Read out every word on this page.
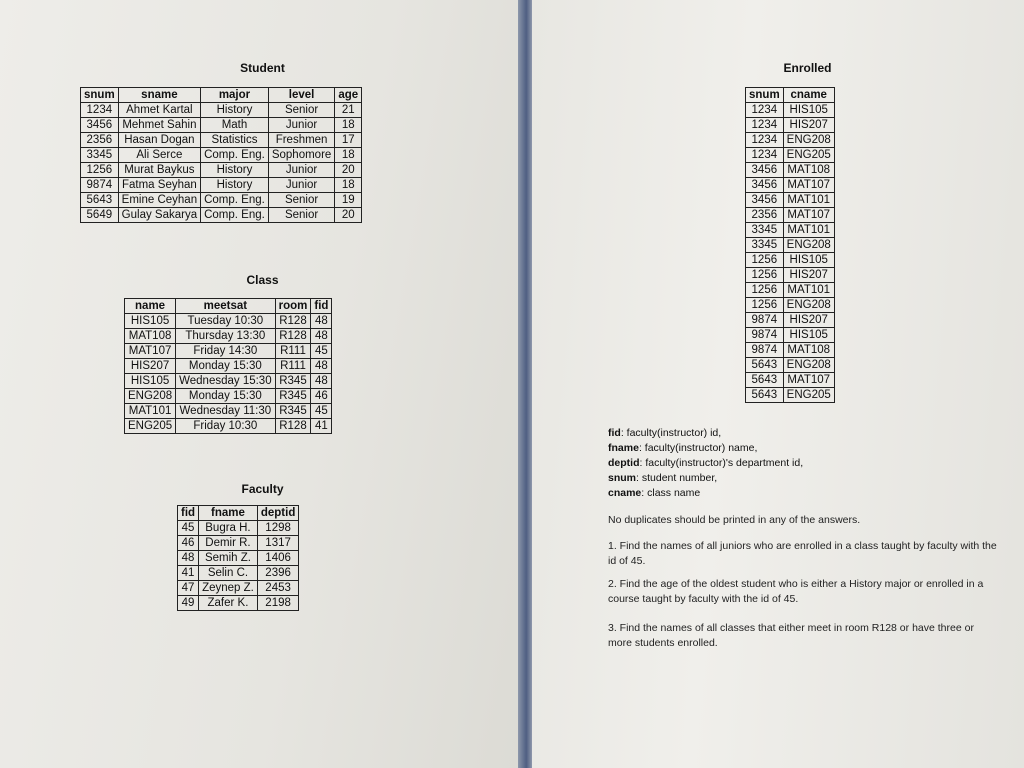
Student
snum	sname	major	level	age
1234	Ahmet Kartal	History	Senior	21
3456	Mehmet Sahin	Math	Junior	18
2356	Hasan Dogan	Statistics	Freshmen	17
3345	Ali Serce	Comp. Eng.	Sophomore	18
1256	Murat Baykus	History	Junior	20
9874	Fatma Seyhan	History	Junior	18
5643	Emine Ceyhan	Comp. Eng.	Senior	19
5649	Gulay Sakarya	Comp. Eng.	Senior	20
Class
name	meetsat	room	fid
HIS105	Tuesday 10:30	R128	48
MAT108	Thursday 13:30	R128	48
MAT107	Friday 14:30	R111	45
HIS207	Monday 15:30	R111	48
HIS105	Wednesday 15:30	R345	48
ENG208	Monday 15:30	R345	46
MAT101	Wednesday 11:30	R345	45
ENG205	Friday 10:30	R128	41
Faculty
fid	fname	deptid
45	Bugra H.	1298
46	Demir R.	1317
48	Semih Z.	1406
41	Selin C.	2396
47	Zeynep Z.	2453
49	Zafer K.	2198
Enrolled
snum	cname
1234	HIS105
1234	HIS207
1234	ENG208
1234	ENG205
3456	MAT108
3456	MAT107
3456	MAT101
2356	MAT107
3345	MAT101
3345	ENG208
1256	HIS105
1256	HIS207
1256	MAT101
1256	ENG208
9874	HIS207
9874	HIS105
9874	MAT108
5643	ENG208
5643	MAT107
5643	ENG205
fid: faculty(instructor) id,
fname: faculty(instructor) name,
deptid: faculty(instructor)'s department id,
snum: student number,
cname: class name
No duplicates should be printed in any of the answers.
1. Find the names of all juniors who are enrolled in a class taught by faculty with the id of 45.
2. Find the age of the oldest student who is either a History major or enrolled in a course taught by faculty with the id of 45.
3. Find the names of all classes that either meet in room R128 or have three or more students enrolled.
